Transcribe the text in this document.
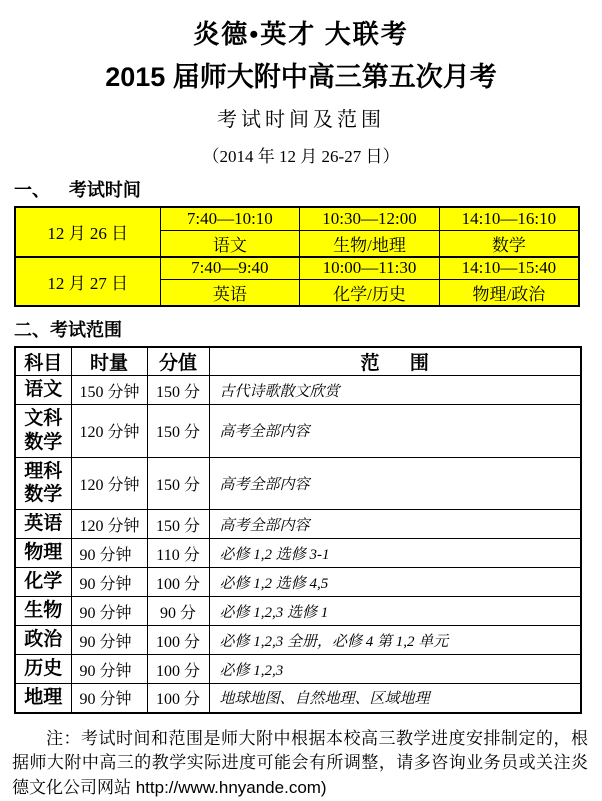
炎德•英才 大联考
2015 届师大附中高三第五次月考
考试时间及范围
（2014 年 12 月 26-27 日）
一、 考试时间
12 月 26 日	7:40—10:10	10:30—12:00	14:10—16:10
	语文	生物/地理	数学
12 月 27 日	7:40—9:40	10:00—11:30	14:10—15:40
	英语	化学/历史	物理/政治
二、考试范围
科目	时量	分值	范围
语文	150 分钟	150 分	古代诗歌散文欣赏
文科数学	120 分钟	150 分	高考全部内容
理科数学	120 分钟	150 分	高考全部内容
英语	120 分钟	150 分	高考全部内容
物理	90 分钟	110 分	必修 1,2 选修 3-1
化学	90 分钟	100 分	必修 1,2 选修 4,5
生物	90 分钟	90 分	必修 1,2,3 选修 1
政治	90 分钟	100 分	必修 1,2,3 全册，必修 4 第 1,2 单元
历史	90 分钟	100 分	必修 1,2,3
地理	90 分钟	100 分	地球地图、自然地理、区域地理

注：考试时间和范围是师大附中根据本校高三教学进度安排制定的，根据师大附中高三的教学实际进度可能会有所调整，请多咨询业务员或关注炎德文化公司网站 http://www.hnyande.com)
